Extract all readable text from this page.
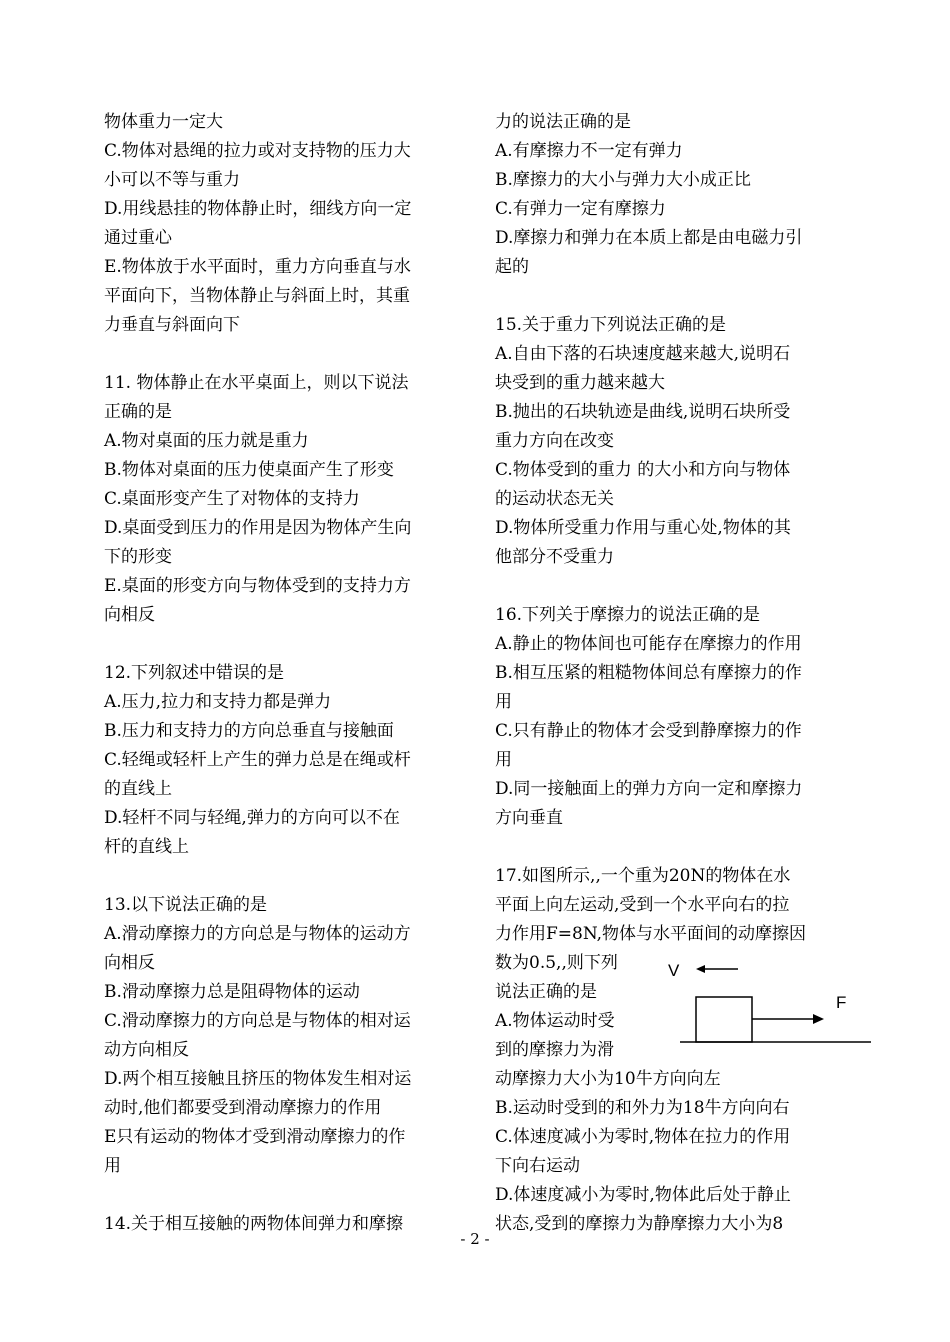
物体重力一定大
C.物体对悬绳的拉力或对支持物的压力大
小可以不等与重力
D.用线悬挂的物体静止时，细线方向一定
通过重心
E.物体放于水平面时，重力方向垂直与水
平面向下，当物体静止与斜面上时，其重
力垂直与斜面向下
11. 物体静止在水平桌面上，则以下说法
正确的是
A.物对桌面的压力就是重力
B.物体对桌面的压力使桌面产生了形变
C.桌面形变产生了对物体的支持力
D.桌面受到压力的作用是因为物体产生向
下的形变
E.桌面的形变方向与物体受到的支持力方
向相反
12.下列叙述中错误的是
A.压力,拉力和支持力都是弹力
B.压力和支持力的方向总垂直与接触面
C.轻绳或轻杆上产生的弹力总是在绳或杆
的直线上
D.轻杆不同与轻绳,弹力的方向可以不在
杆的直线上
13.以下说法正确的是
A.滑动摩擦力的方向总是与物体的运动方
向相反
B.滑动摩擦力总是阻碍物体的运动
C.滑动摩擦力的方向总是与物体的相对运
动方向相反
D.两个相互接触且挤压的物体发生相对运
动时,他们都要受到滑动摩擦力的作用
E只有运动的物体才受到滑动摩擦力的作
用
14.关于相互接触的两物体间弹力和摩擦
力的说法正确的是
A.有摩擦力不一定有弹力
B.摩擦力的大小与弹力大小成正比
C.有弹力一定有摩擦力
D.摩擦力和弹力在本质上都是由电磁力引
起的
15.关于重力下列说法正确的是
A.自由下落的石块速度越来越大,说明石
块受到的重力越来越大
B.抛出的石块轨迹是曲线,说明石块所受
重力方向在改变
C.物体受到的重力 的大小和方向与物体
的运动状态无关
D.物体所受重力作用与重心处,物体的其
他部分不受重力
16.下列关于摩擦力的说法正确的是
A.静止的物体间也可能存在摩擦力的作用
B.相互压紧的粗糙物体间总有摩擦力的作
用
C.只有静止的物体才会受到静摩擦力的作
用
D.同一接触面上的弹力方向一定和摩擦力
方向垂直
17.如图所示,,一个重为20N的物体在水
平面上向左运动,受到一个水平向右的拉
力作用F=8N,物体与水平面间的动摩擦因
数为0.5,,则下列
说法正确的是
A.物体运动时受
到的摩擦力为滑
动摩擦力大小为10牛方向向左
B.运动时受到的和外力为18牛方向向右
C.体速度减小为零时,物体在拉力的作用
下向右运动
D.体速度减小为零时,物体此后处于静止
状态,受到的摩擦力为静摩擦力大小为8
V
F
- 2 -
